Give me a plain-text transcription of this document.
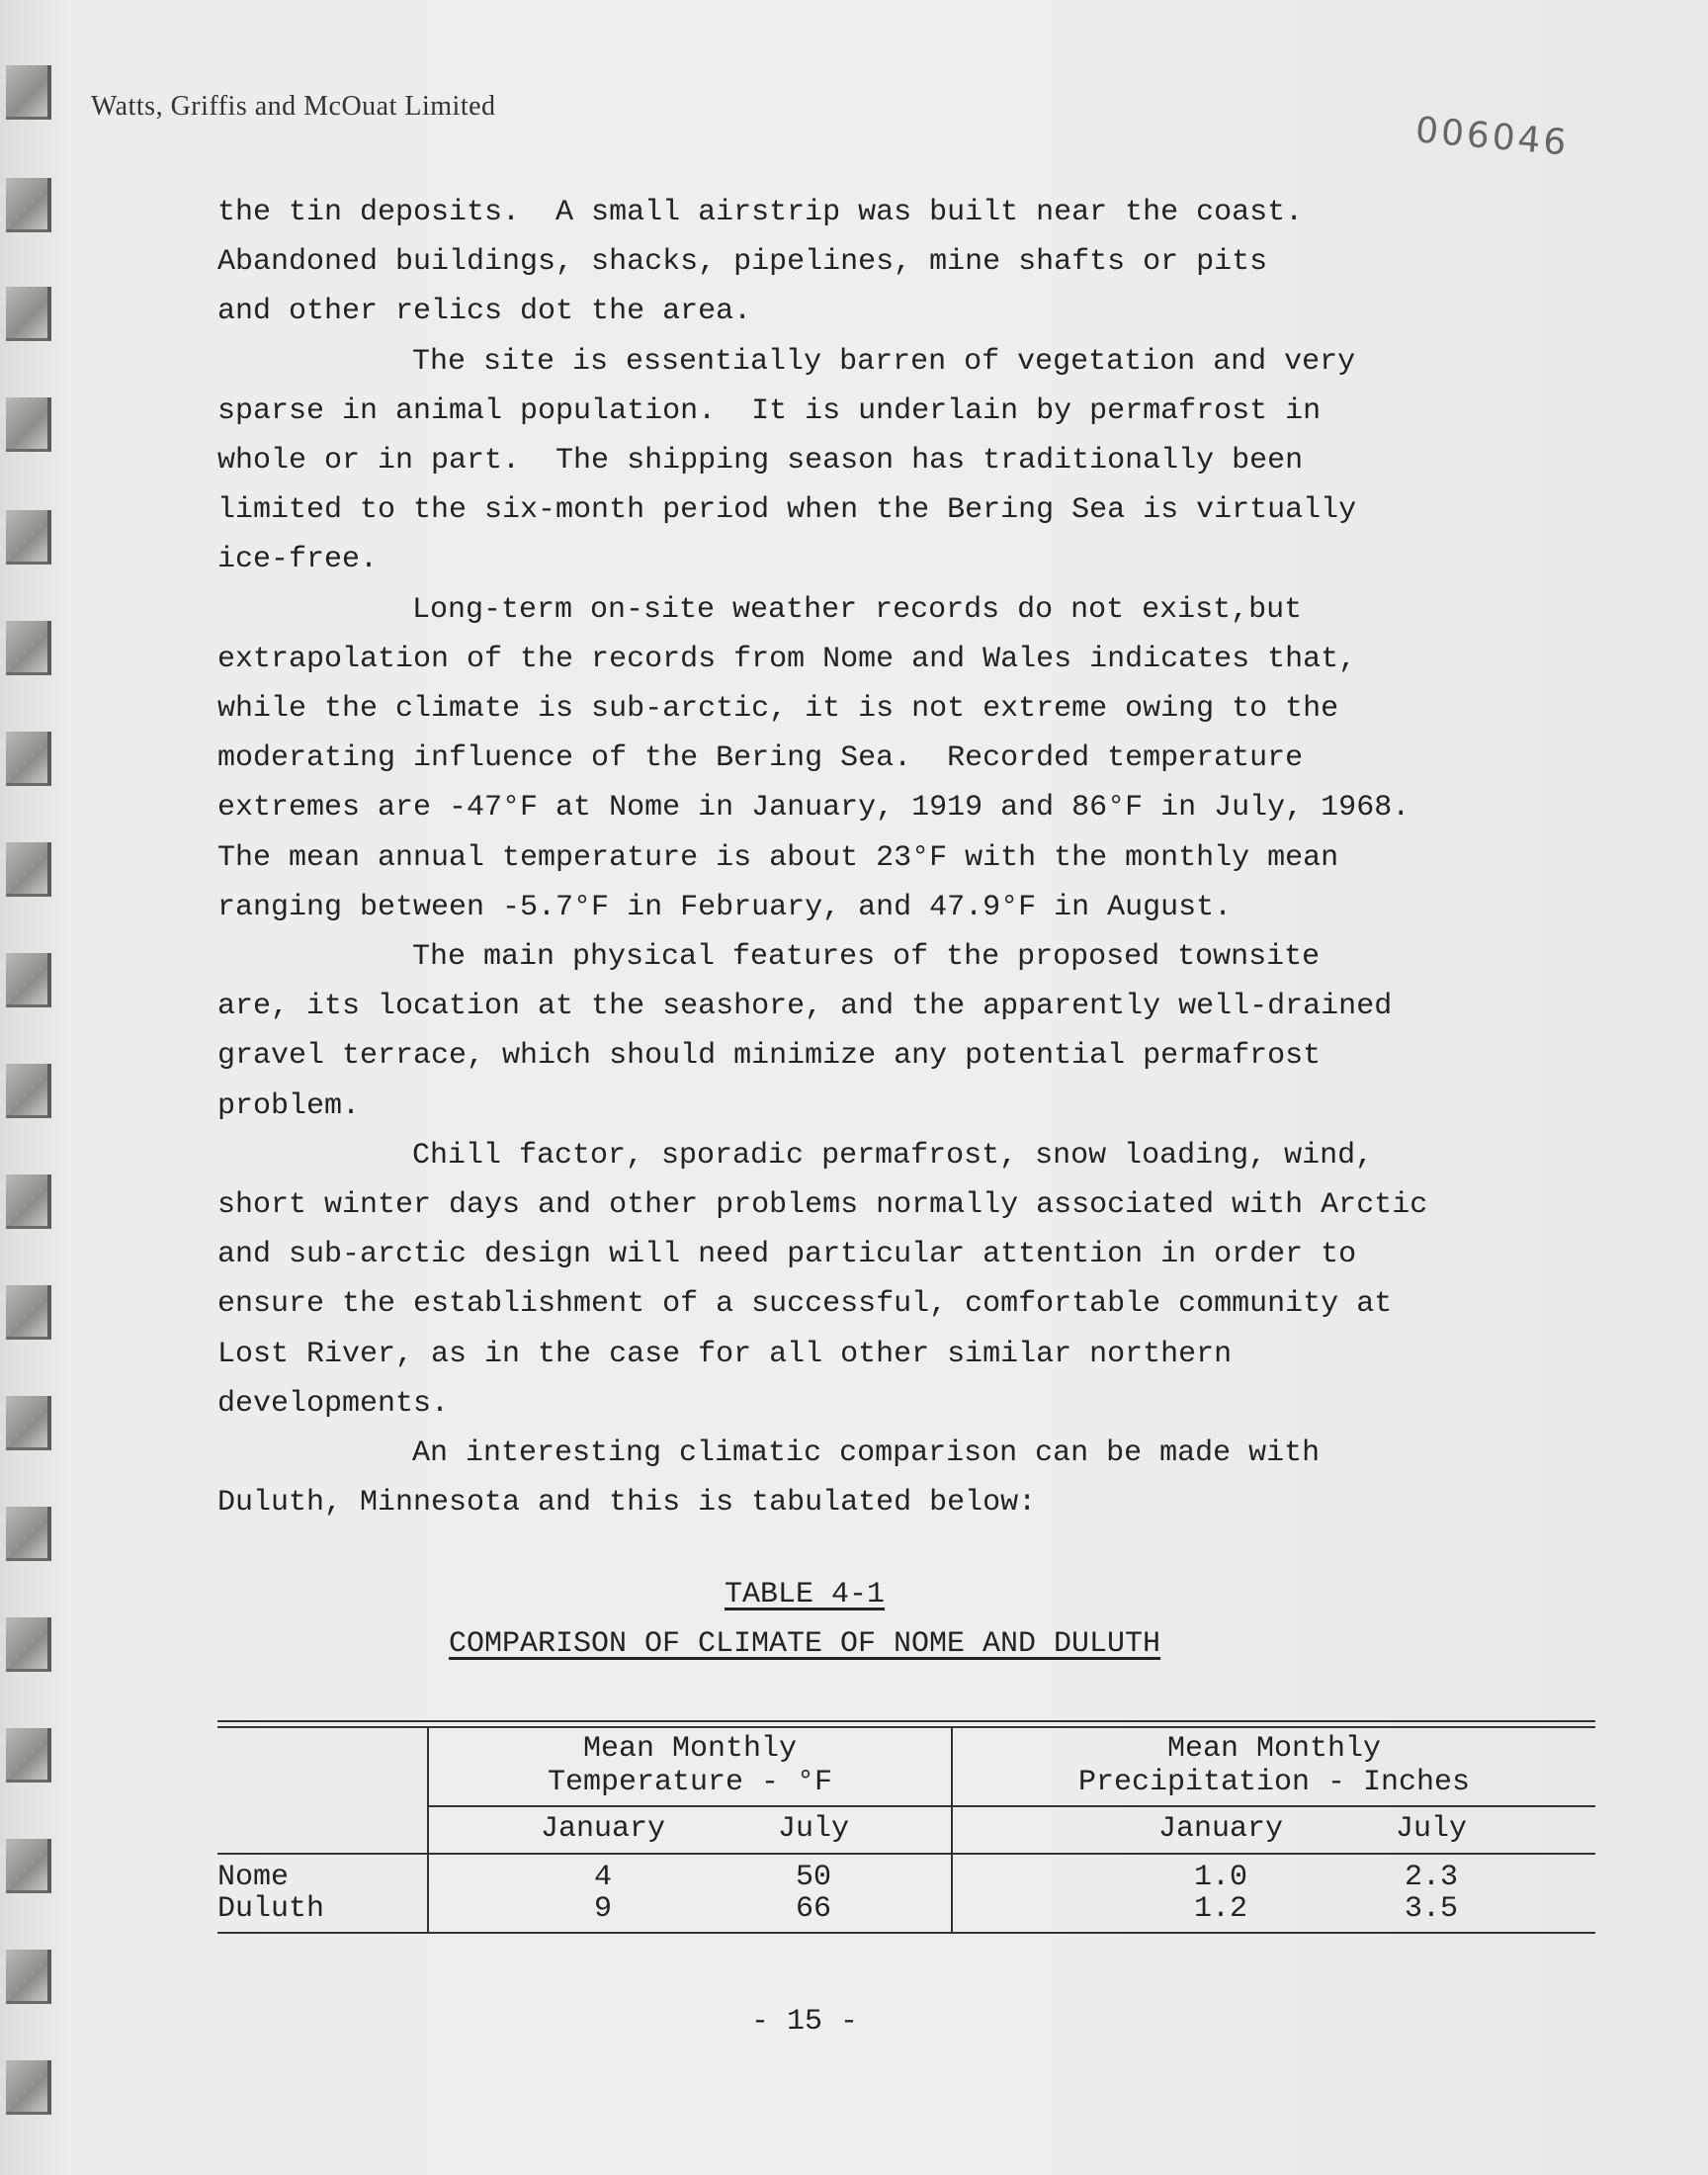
Watts, Griffis and McOuat Limited
006046
the tin deposits.  A small airstrip was built near the coast.
Abandoned buildings, shacks, pipelines, mine shafts or pits
and other relics dot the area.
The site is essentially barren of vegetation and very
sparse in animal population.  It is underlain by permafrost in
whole or in part.  The shipping season has traditionally been
limited to the six-month period when the Bering Sea is virtually
ice-free.
Long-term on-site weather records do not exist,but
extrapolation of the records from Nome and Wales indicates that,
while the climate is sub-arctic, it is not extreme owing to the
moderating influence of the Bering Sea.  Recorded temperature
extremes are -47°F at Nome in January, 1919 and 86°F in July, 1968.
The mean annual temperature is about 23°F with the monthly mean
ranging between -5.7°F in February, and 47.9°F in August.
The main physical features of the proposed townsite
are, its location at the seashore, and the apparently well-drained
gravel terrace, which should minimize any potential permafrost
problem.
Chill factor, sporadic permafrost, snow loading, wind,
short winter days and other problems normally associated with Arctic
and sub-arctic design will need particular attention in order to
ensure the establishment of a successful, comfortable community at
Lost River, as in the case for all other similar northern
developments.
An interesting climatic comparison can be made with
Duluth, Minnesota and this is tabulated below:
TABLE 4-1
COMPARISON OF CLIMATE OF NOME AND DULUTH
Mean Monthly
Temperature - °F
Mean Monthly
Precipitation - Inches
January	July	January	July
Nome	4	50	1.0	2.3
Duluth	9	66	1.2	3.5
- 15 -
